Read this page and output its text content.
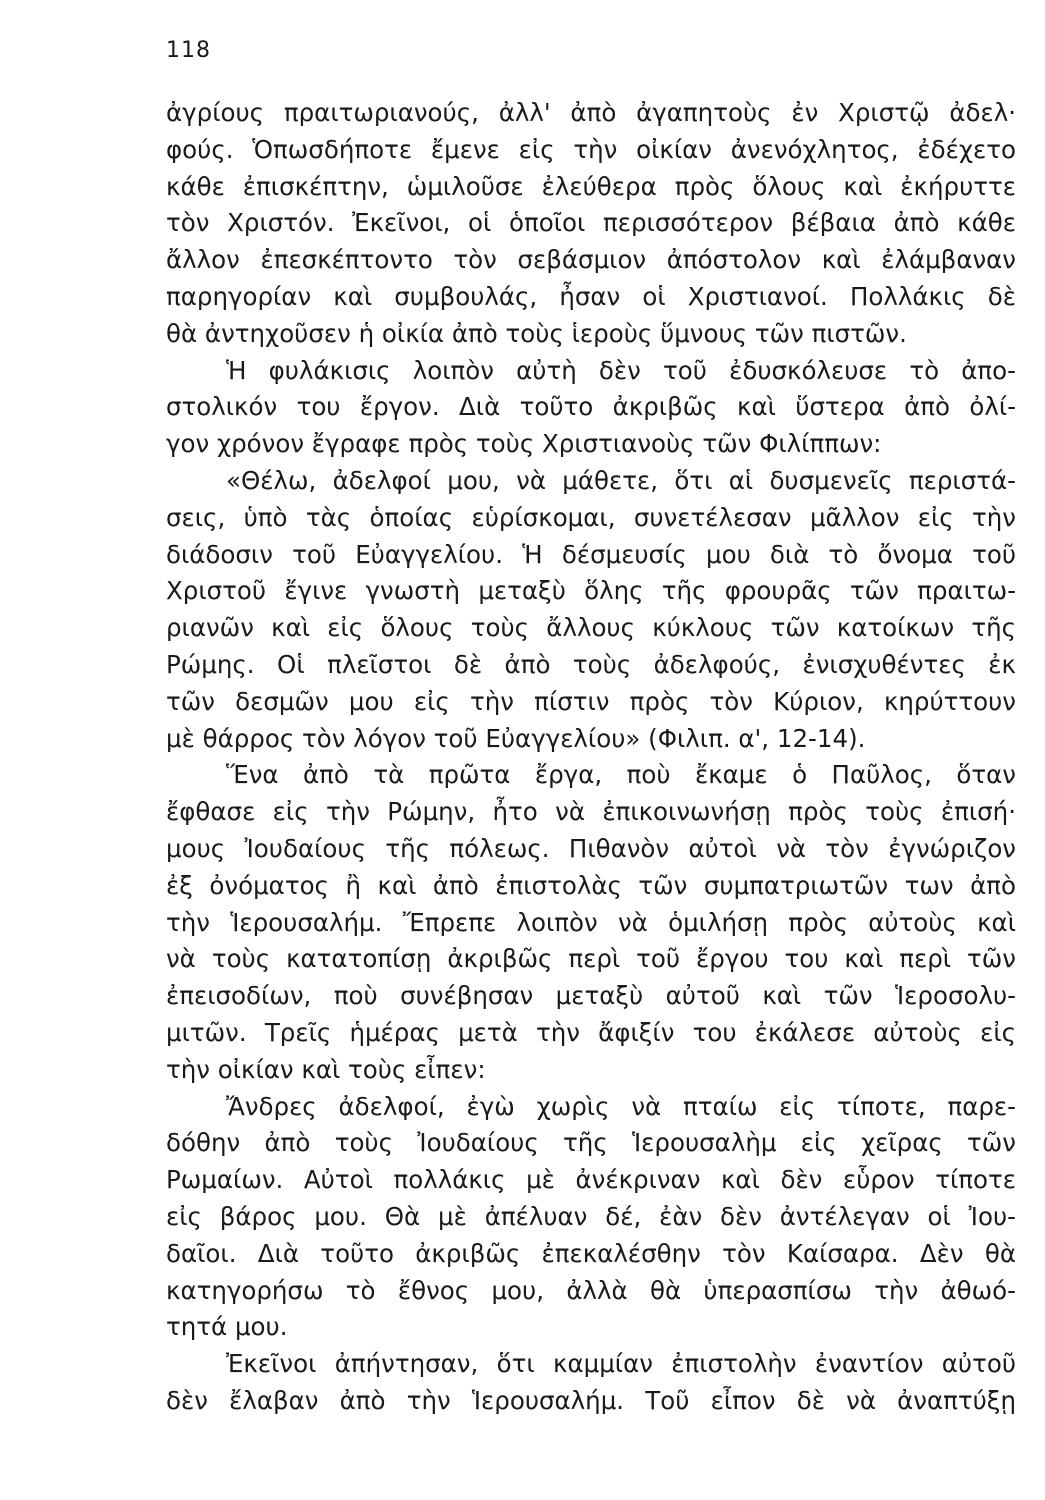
118
ἀγρίους πραιτωριανούς, ἀλλ' ἀπὸ ἀγαπητοὺς ἐν Χριστῷ ἀδελ·
φούς. Ὁπωσδήποτε ἔμενε εἰς τὴν οἰκίαν ἀνενόχλητος, ἐδέχετο
κάθε ἐπισκέπτην, ὡμιλοῦσε ἐλεύθερα πρὸς ὅλους καὶ ἐκήρυττε
τὸν Χριστόν. Ἐκεῖνοι, οἱ ὁποῖοι περισσότερον βέβαια ἀπὸ κάθε
ἄλλον ἐπεσκέπτοντο τὸν σεβάσμιον ἀπόστολον καὶ ἐλάμβαναν
παρηγορίαν καὶ συμβουλάς, ἦσαν οἱ Χριστιανοί. Πολλάκις δὲ
θὰ ἀντηχοῦσεν ἡ οἰκία ἀπὸ τοὺς ἱεροὺς ὕμνους τῶν πιστῶν.
Ἡ φυλάκισις λοιπὸν αὐτὴ δὲν τοῦ ἐδυσκόλευσε τὸ ἀπο-
στολικόν του ἔργον. Διὰ τοῦτο ἀκριβῶς καὶ ὕστερα ἀπὸ ὀλί-
γον χρόνον ἔγραφε πρὸς τοὺς Χριστιανοὺς τῶν Φιλίππων:
«Θέλω, ἀδελφοί μου, νὰ μάθετε, ὅτι αἱ δυσμενεῖς περιστά-
σεις, ὑπὸ τὰς ὁποίας εὑρίσκομαι, συνετέλεσαν μᾶλλον εἰς τὴν
διάδοσιν τοῦ Εὐαγγελίου. Ἡ δέσμευσίς μου διὰ τὸ ὄνομα τοῦ
Χριστοῦ ἔγινε γνωστὴ μεταξὺ ὅλης τῆς φρουρᾶς τῶν πραιτω-
ριανῶν καὶ εἰς ὅλους τοὺς ἄλλους κύκλους τῶν κατοίκων τῆς
Ρώμης. Οἱ πλεῖστοι δὲ ἀπὸ τοὺς ἀδελφούς, ἐνισχυθέντες ἐκ
τῶν δεσμῶν μου εἰς τὴν πίστιν πρὸς τὸν Κύριον, κηρύττουν
μὲ θάρρος τὸν λόγον τοῦ Εὐαγγελίου» (Φιλιπ. α', 12-14).
Ἕνα ἀπὸ τὰ πρῶτα ἔργα, ποὺ ἔκαμε ὁ Παῦλος, ὅταν
ἔφθασε εἰς τὴν Ρώμην, ἦτο νὰ ἐπικοινωνήσῃ πρὸς τοὺς ἐπισή·
μους Ἰουδαίους τῆς πόλεως. Πιθανὸν αὐτοὶ νὰ τὸν ἐγνώριζον
ἐξ ὀνόματος ἢ καὶ ἀπὸ ἐπιστολὰς τῶν συμπατριωτῶν των ἀπὸ
τὴν Ἱερουσαλήμ. Ἔπρεπε λοιπὸν νὰ ὁμιλήσῃ πρὸς αὐτοὺς καὶ
νὰ τοὺς κατατοπίσῃ ἀκριβῶς περὶ τοῦ ἔργου του καὶ περὶ τῶν
ἐπεισοδίων, ποὺ συνέβησαν μεταξὺ αὐτοῦ καὶ τῶν Ἱεροσολυ-
μιτῶν. Τρεῖς ἡμέρας μετὰ τὴν ἄφιξίν του ἐκάλεσε αὐτοὺς εἰς
τὴν οἰκίαν καὶ τοὺς εἶπεν:
Ἄνδρες ἀδελφοί, ἐγὼ χωρὶς νὰ πταίω εἰς τίποτε, παρε-
δόθην ἀπὸ τοὺς Ἰουδαίους τῆς Ἱερουσαλὴμ εἰς χεῖρας τῶν
Ρωμαίων. Αὐτοὶ πολλάκις μὲ ἀνέκριναν καὶ δὲν εὗρον τίποτε
εἰς βάρος μου. Θὰ μὲ ἀπέλυαν δέ, ἐὰν δὲν ἀντέλεγαν οἱ Ἰου-
δαῖοι. Διὰ τοῦτο ἀκριβῶς ἐπεκαλέσθην τὸν Καίσαρα. Δὲν θὰ
κατηγορήσω τὸ ἔθνος μου, ἀλλὰ θὰ ὑπερασπίσω τὴν ἀθωό-
τητά μου.
Ἐκεῖνοι ἀπήντησαν, ὅτι καμμίαν ἐπιστολὴν ἐναντίον αὐτοῦ
δὲν ἔλαβαν ἀπὸ τὴν Ἱερουσαλήμ. Τοῦ εἶπον δὲ νὰ ἀναπτύξῃ
